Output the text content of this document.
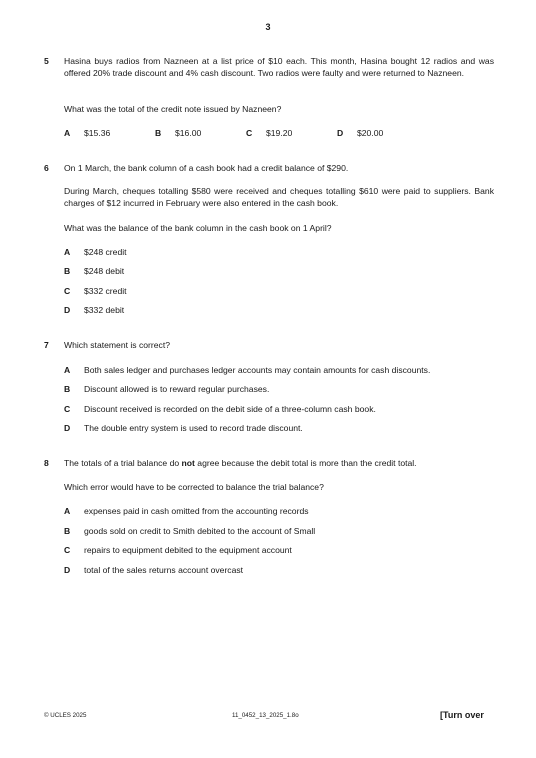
3
5 Hasina buys radios from Nazneen at a list price of $10 each. This month, Hasina bought 12 radios and was offered 20% trade discount and 4% cash discount. Two radios were faulty and were returned to Nazneen.
What was the total of the credit note issued by Nazneen?
A $15.36	B $16.00	C $19.20	D $20.00
6 On 1 March, the bank column of a cash book had a credit balance of $290.
During March, cheques totalling $580 were received and cheques totalling $610 were paid to suppliers. Bank charges of $12 incurred in February were also entered in the cash book.
What was the balance of the bank column in the cash book on 1 April?
A $248 credit
B $248 debit
C $332 credit
D $332 debit
7 Which statement is correct?
A Both sales ledger and purchases ledger accounts may contain amounts for cash discounts.
B Discount allowed is to reward regular purchases.
C Discount received is recorded on the debit side of a three-column cash book.
D The double entry system is used to record trade discount.
8 The totals of a trial balance do not agree because the debit total is more than the credit total.
Which error would have to be corrected to balance the trial balance?
A expenses paid in cash omitted from the accounting records
B goods sold on credit to Smith debited to the account of Small
C repairs to equipment debited to the equipment account
D total of the sales returns account overcast
© UCLES 2025	11_0452_13_2025_1.8o	[Turn over
